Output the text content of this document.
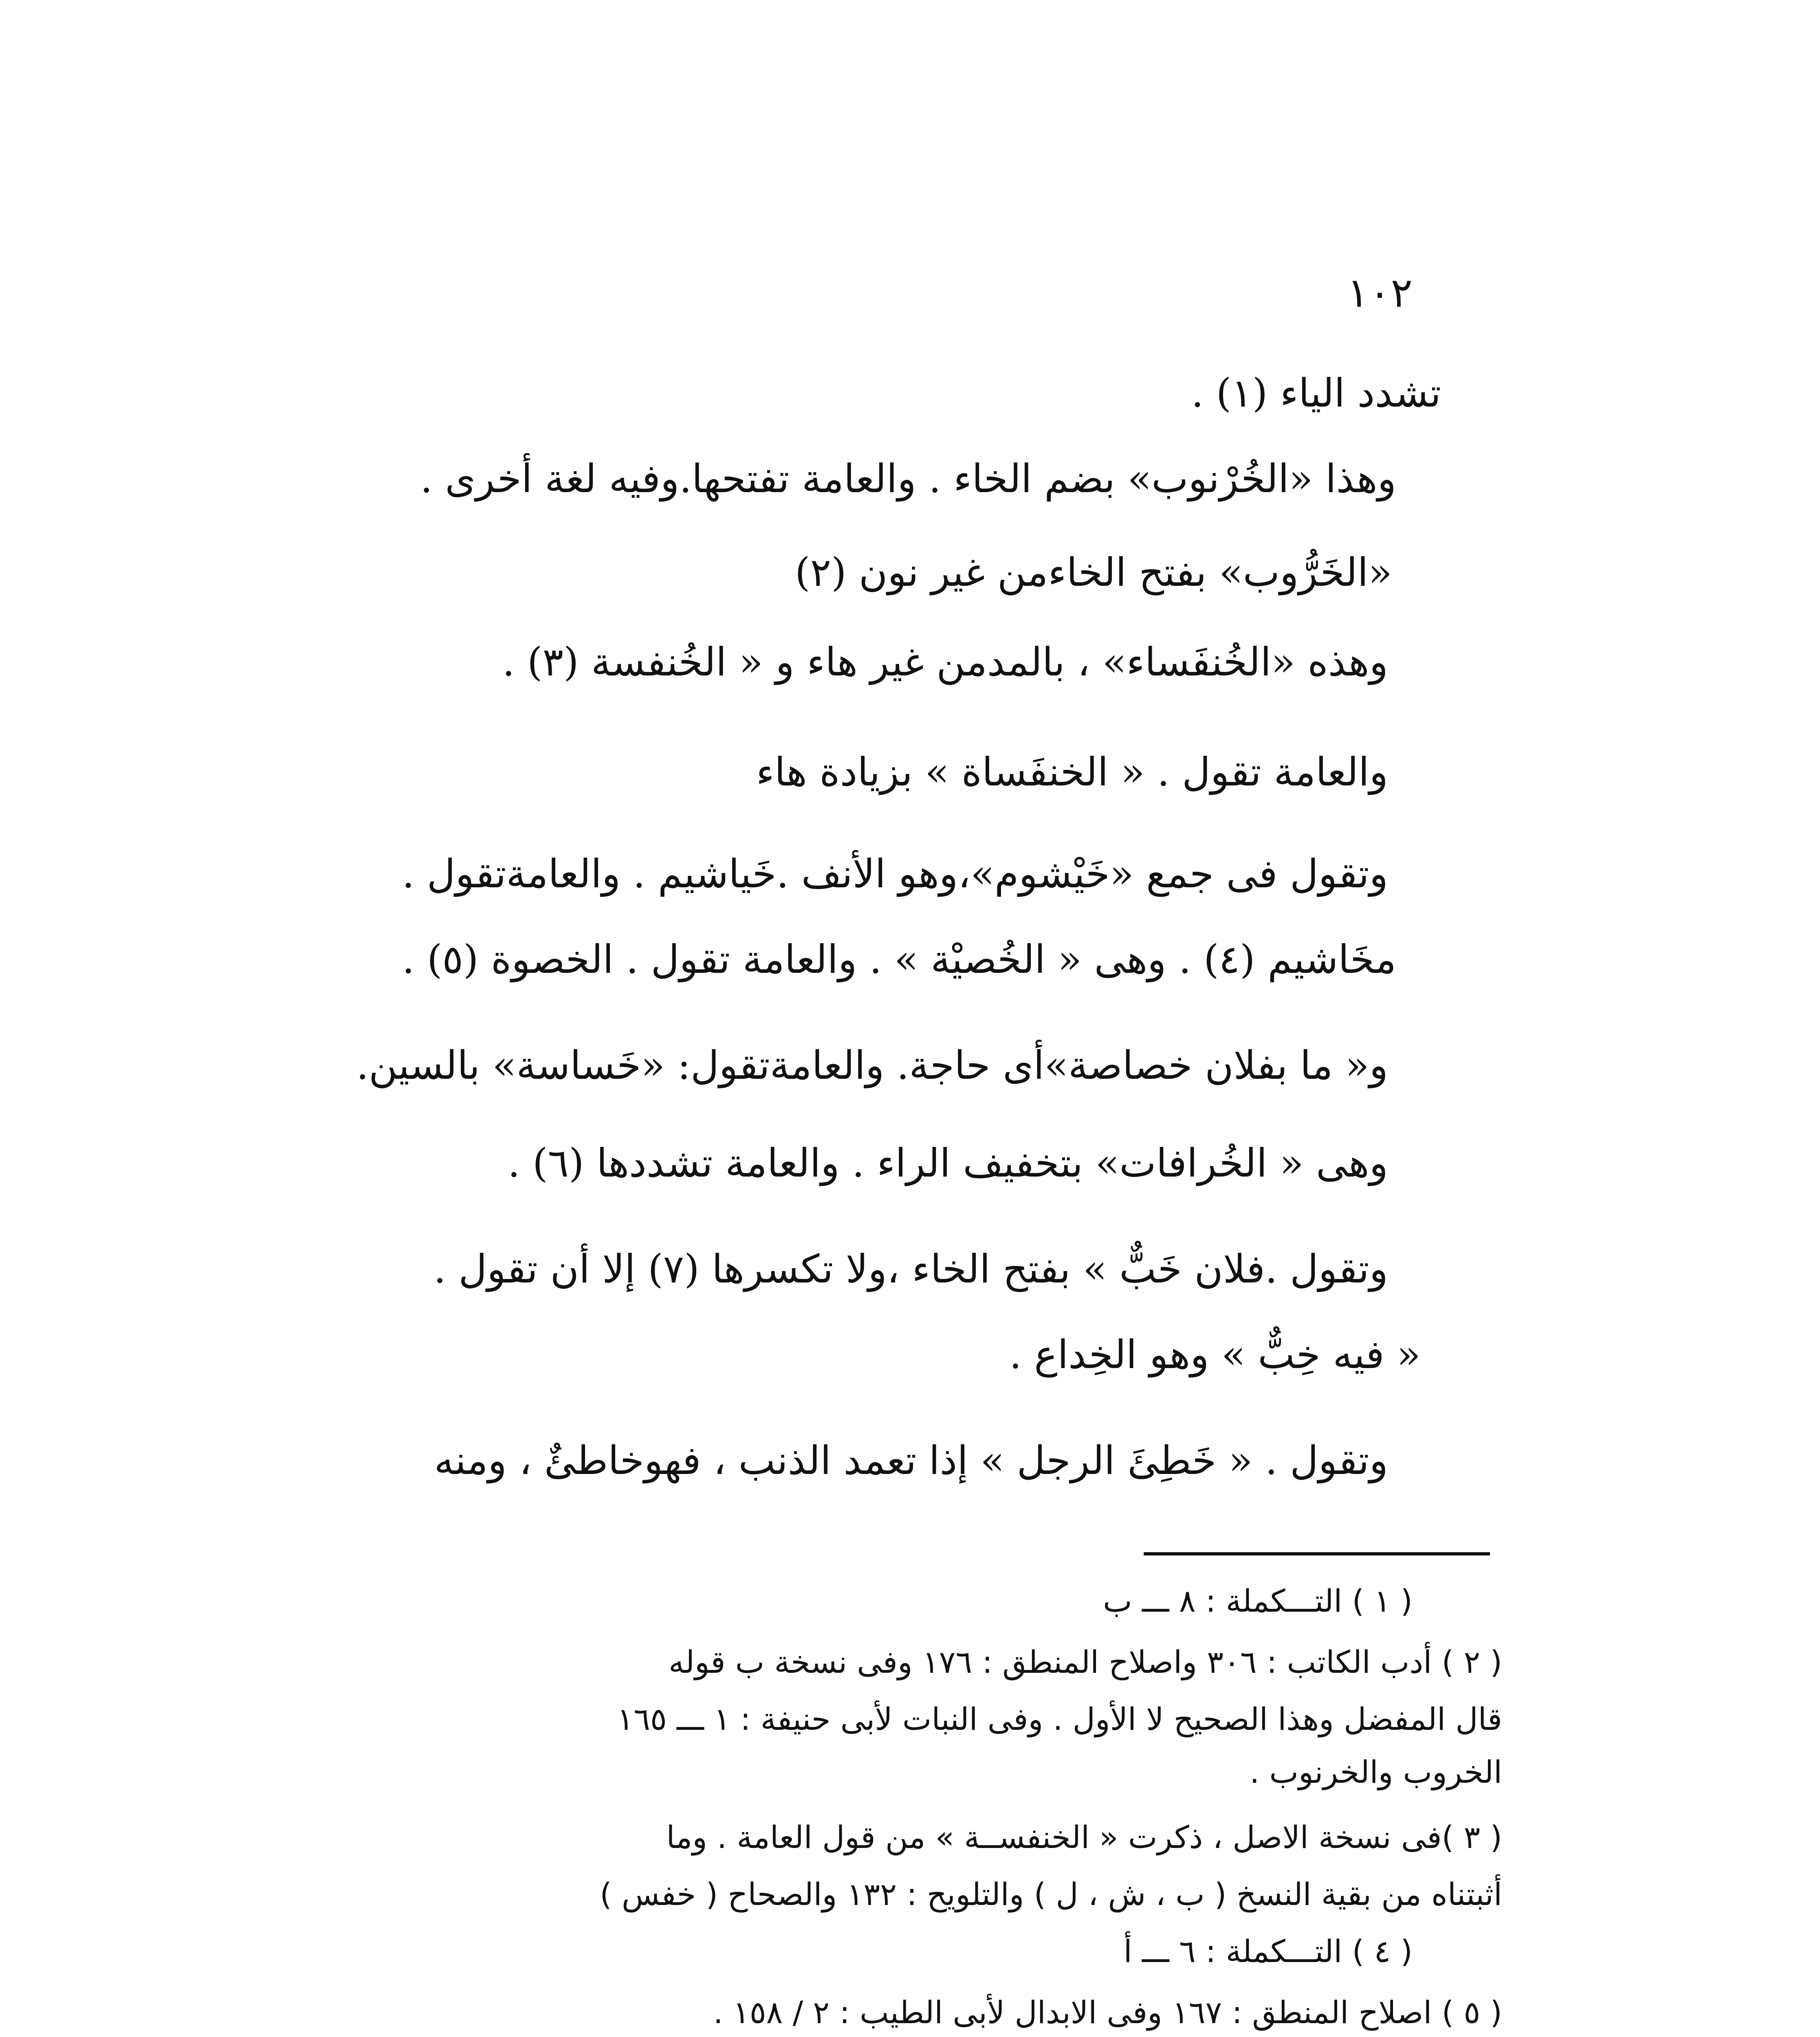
١٠٢
تشدد الياء (١) .
وهذا «الخُرْنوب» بضم الخاء . والعامة تفتحها.وفيه لغة أخرى .
«الخَرُّوب» بفتح الخاءمن غير نون (٢)
وهذه «الخُنفَساء» ، بالمدمن غير هاء و « الخُنفسة (٣) .
والعامة تقول . « الخنفَساة » بزيادة هاء
وتقول فى جمع «خَيْشوم»،وهو الأنف .خَياشيم . والعامةتقول .
مخَاشيم (٤) . وهى « الخُصيْة » . والعامة تقول . الخصوة (٥) .
و« ما بفلان خصاصة»أى حاجة. والعامةتقول: «خَساسة» بالسين.
وهى « الخُرافات» بتخفيف الراء . والعامة تشددها (٦) .
وتقول .فلان خَبٌّ » بفتح الخاء ،ولا تكسرها (٧) إلا أن تقول .
« فيه خِبٌّ » وهو الخِداع .
وتقول . « خَطِئَ الرجل » إذا تعمد الذنب ، فهوخاطئٌ ، ومنه
( ١ ) التـــكملة : ٨ ـــ ب
( ٢ ) أدب الكاتب : ٣٠٦ واصلاح المنطق : ١٧٦ وفى نسخة ب قوله
قال المفضل وهذا الصحيح لا الأول . وفى النبات لأبى حنيفة : ١ ـــ ١٦٥
الخروب والخرنوب .
( ٣ )فى نسخة الاصل ، ذكرت « الخنفســة » من قول العامة . وما
أثبتناه من بقية النسخ ( ب ، ش ، ل ) والتلويح : ١٣٢ والصحاح ( خفس )
( ٤ ) التـــكملة : ٦ ـــ أ
( ٥ ) اصلاح المنطق : ١٦٧ وفى الابدال لأبى الطيب : ٢ / ١٥٨ .
